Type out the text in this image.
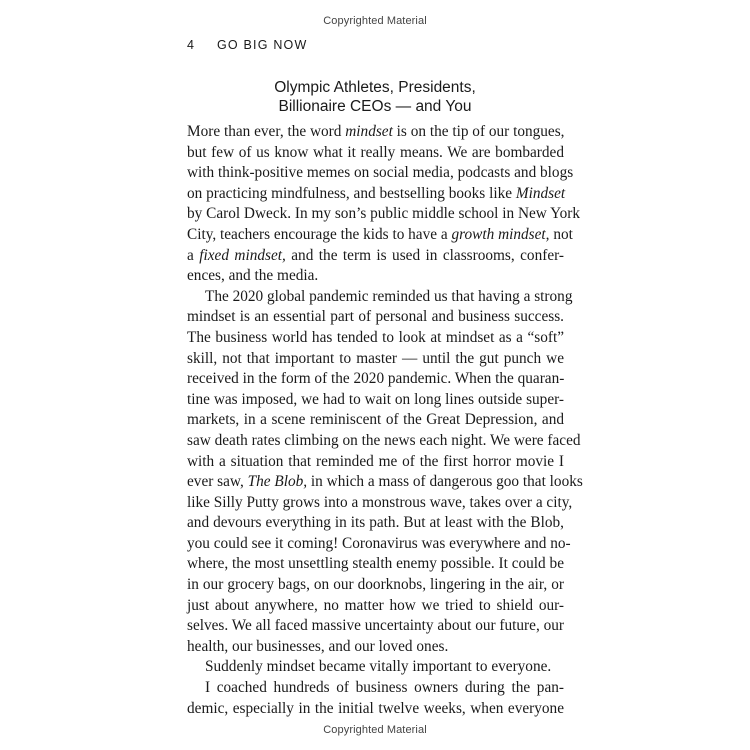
Copyrighted Material
4 GO BIG NOW
Olympic Athletes, Presidents,
Billionaire CEOs — and You
More than ever, the word mindset is on the tip of our tongues,
but few of us know what it really means. We are bombarded
with think-positive memes on social media, podcasts and blogs
on practicing mindfulness, and bestselling books like Mindset
by Carol Dweck. In my son’s public middle school in New York
City, teachers encourage the kids to have a growth mindset, not
a fixed mindset, and the term is used in classrooms, confer-
ences, and the media.
The 2020 global pandemic reminded us that having a strong
mindset is an essential part of personal and business success.
The business world has tended to look at mindset as a “soft”
skill, not that important to master — until the gut punch we
received in the form of the 2020 pandemic. When the quaran-
tine was imposed, we had to wait on long lines outside super-
markets, in a scene reminiscent of the Great Depression, and
saw death rates climbing on the news each night. We were faced
with a situation that reminded me of the first horror movie I
ever saw, The Blob, in which a mass of dangerous goo that looks
like Silly Putty grows into a monstrous wave, takes over a city,
and devours everything in its path. But at least with the Blob,
you could see it coming! Coronavirus was everywhere and no-
where, the most unsettling stealth enemy possible. It could be
in our grocery bags, on our doorknobs, lingering in the air, or
just about anywhere, no matter how we tried to shield our-
selves. We all faced massive uncertainty about our future, our
health, our businesses, and our loved ones.
Suddenly mindset became vitally important to everyone.
I coached hundreds of business owners during the pan-
demic, especially in the initial twelve weeks, when everyone
Copyrighted Material
